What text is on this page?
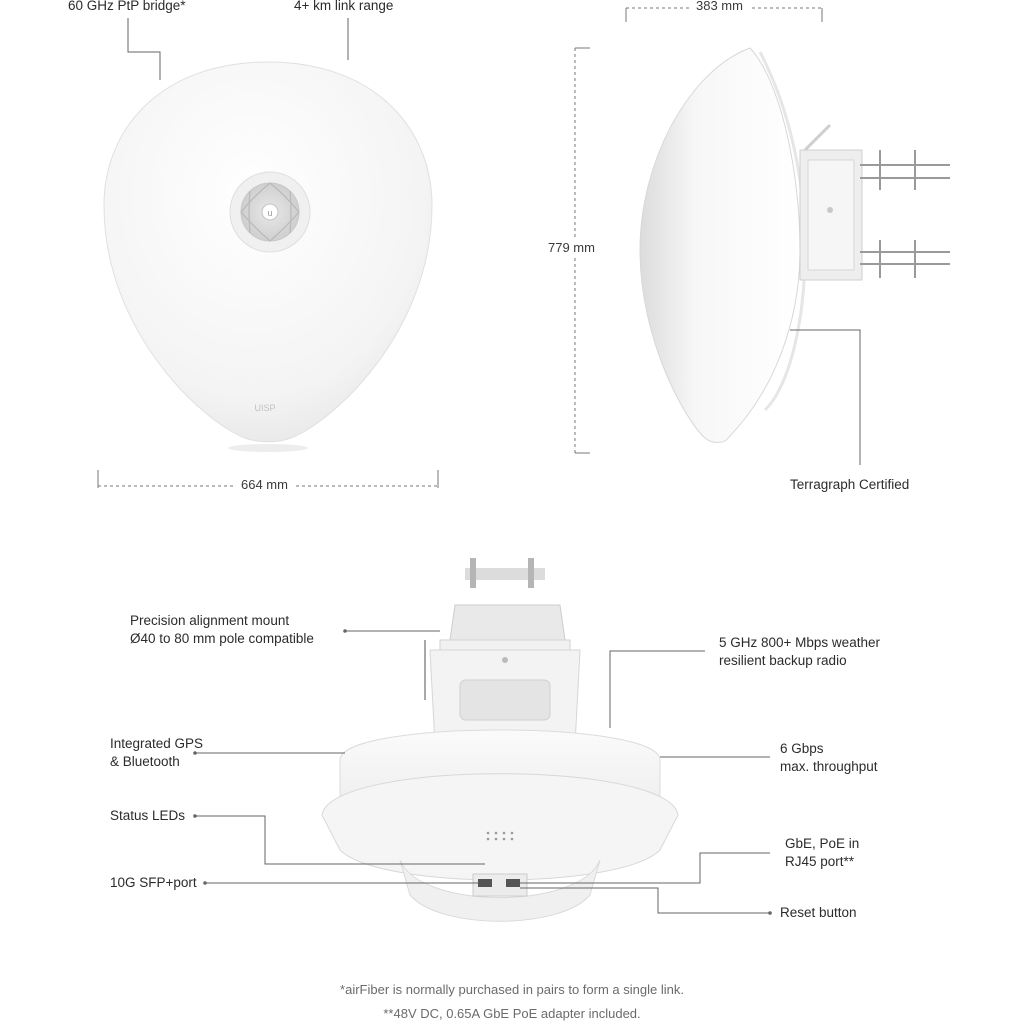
u
UISP
60 GHz PtP bridge*	4+ km link range
664 mm
383 mm
779 mm
Terragraph Certified
Precision alignment mount
Ø40 to 80 mm pole compatible
Integrated GPS
& Bluetooth
Status LEDs
10G SFP+port
5 GHz 800+ Mbps weather
resilient backup radio
6 Gbps
max. throughput
GbE, PoE in
RJ45 port**
Reset button
*airFiber is normally purchased in pairs to form a single link.
**48V DC, 0.65A GbE PoE adapter included.
